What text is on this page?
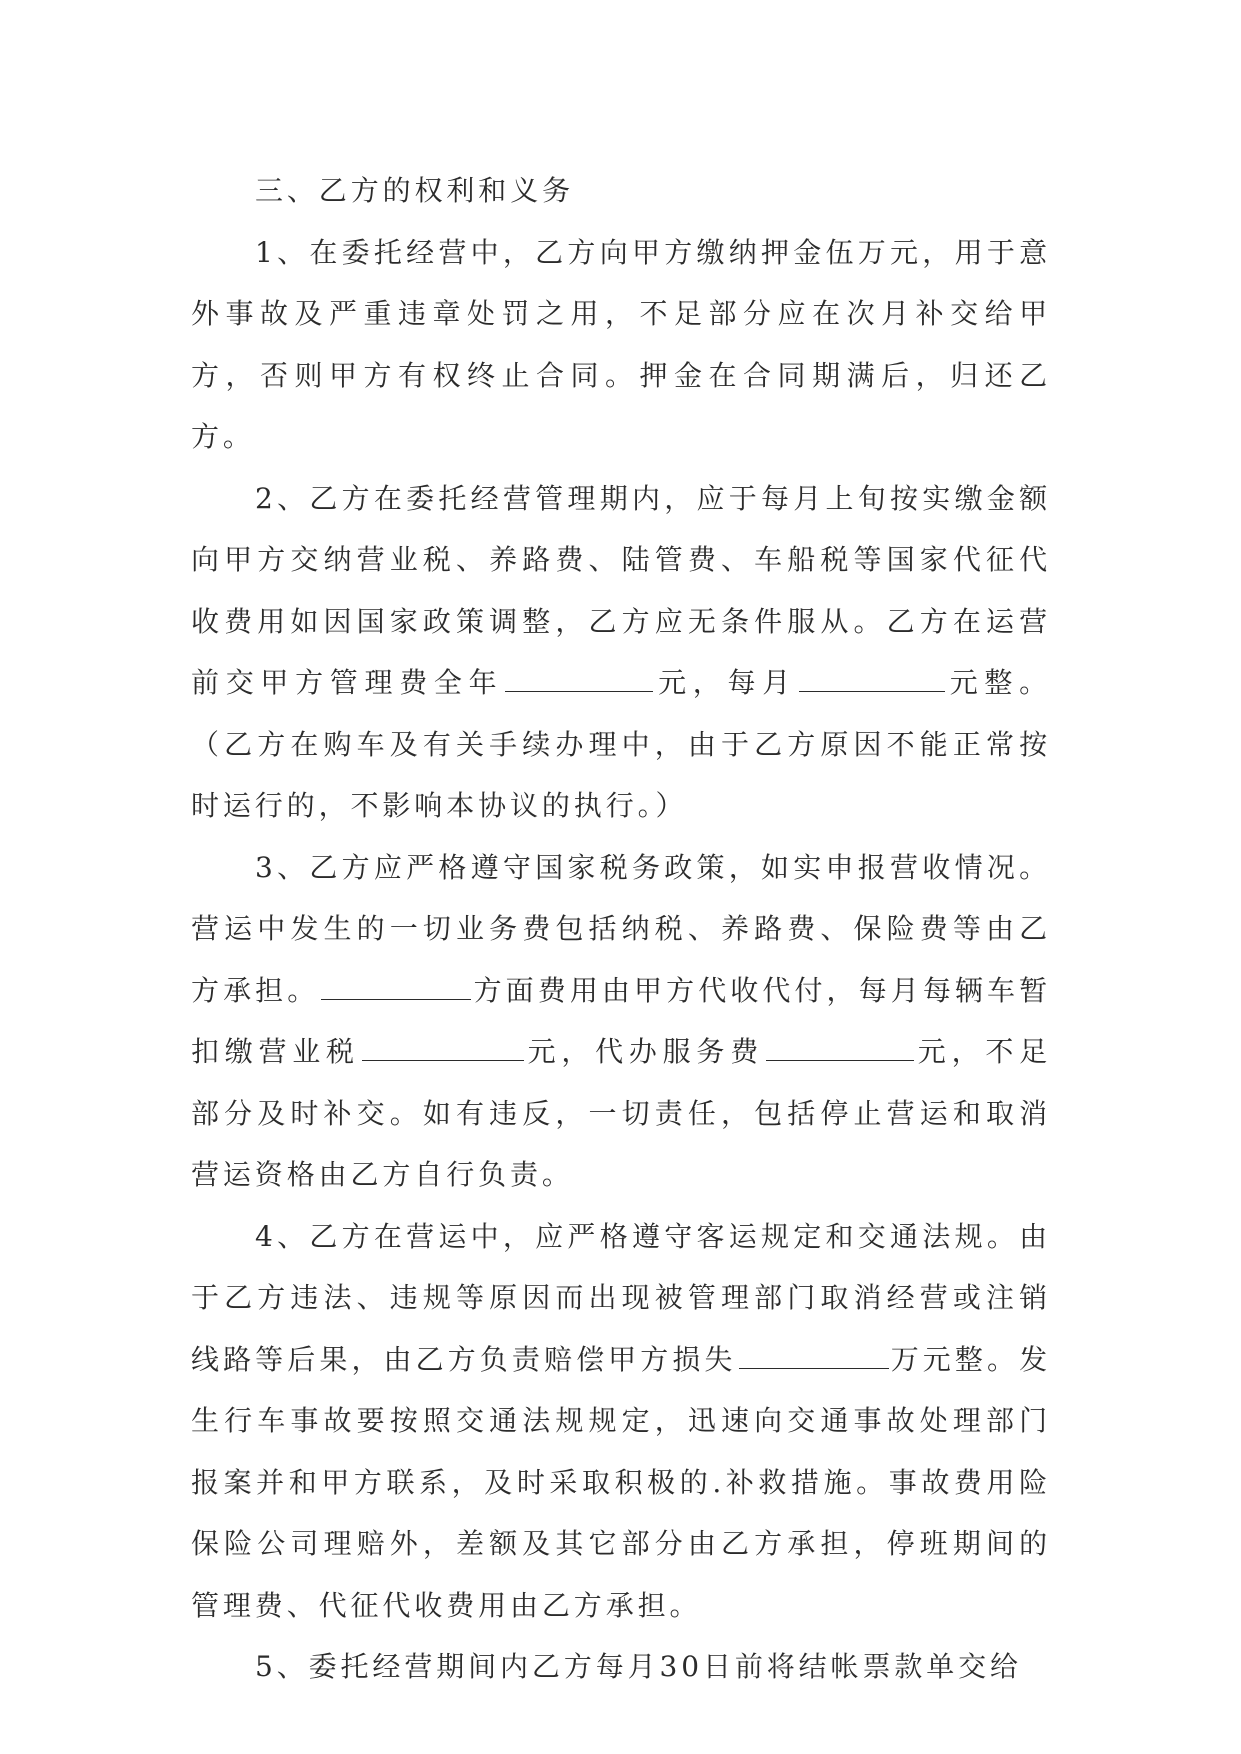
三、乙方的权利和义务

1、在委托经营中，乙方向甲方缴纳押金伍万元，用于意外事故及严重违章处罚之用，不足部分应在次月补交给甲方，否则甲方有权终止合同。押金在合同期满后，归还乙方。

2、乙方在委托经营管理期内，应于每月上旬按实缴金额向甲方交纳营业税、养路费、陆管费、车船税等国家代征代收费用如因国家政策调整，乙方应无条件服从。乙方在运营前交甲方管理费全年	元，每月	元整。（乙方在购车及有关手续办理中，由于乙方原因不能正常按时运行的，不影响本协议的执行。）

3、乙方应严格遵守国家税务政策，如实申报营收情况。营运中发生的一切业务费包括纳税、养路费、保险费等由乙方承担。	方面费用由甲方代收代付，每月每辆车暂扣缴营业税	元，代办服务费	元，不足部分及时补交。如有违反，一切责任，包括停止营运和取消营运资格由乙方自行负责。

4、乙方在营运中，应严格遵守客运规定和交通法规。由于乙方违法、违规等原因而出现被管理部门取消经营或注销线路等后果，由乙方负责赔偿甲方损失	万元整。发生行车事故要按照交通法规规定，迅速向交通事故处理部门报案并和甲方联系，及时采取积极的.补救措施。事故费用险保险公司理赔外，差额及其它部分由乙方承担，停班期间的管理费、代征代收费用由乙方承担。

5、委托经营期间内乙方每月30日前将结帐票款单交给
